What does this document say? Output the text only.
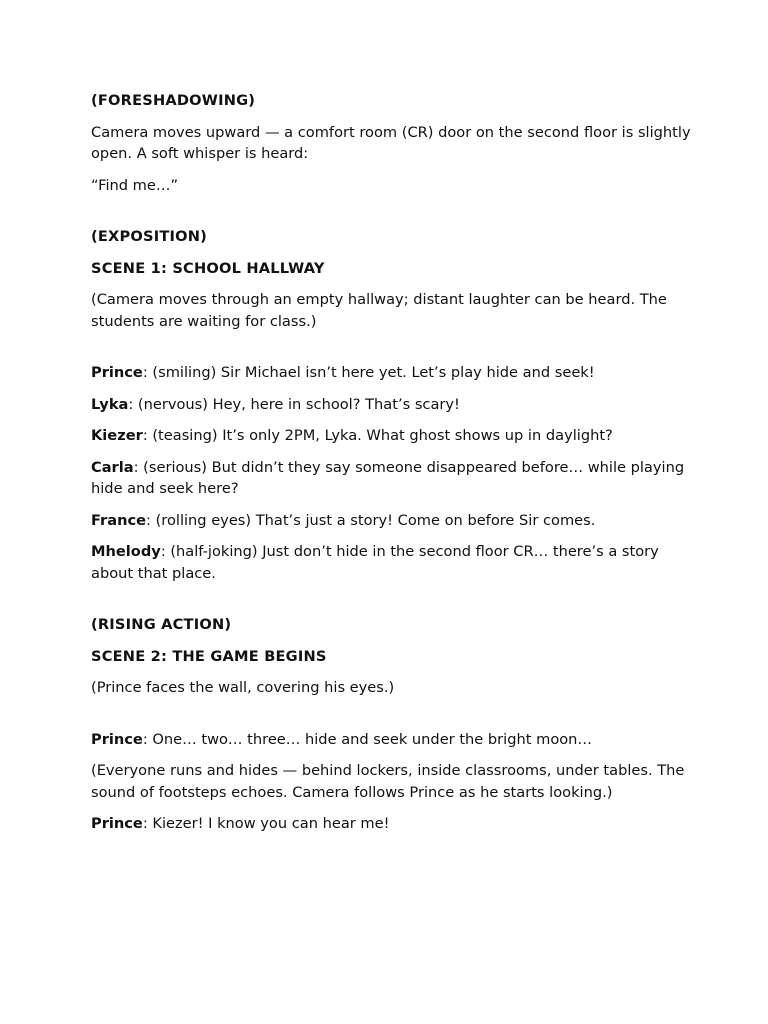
(FORESHADOWING)

Camera moves upward — a comfort room (CR) door on the second floor is slightly open. A soft whisper is heard:

“Find me…”

(EXPOSITION)

SCENE 1: SCHOOL HALLWAY

(Camera moves through an empty hallway; distant laughter can be heard. The students are waiting for class.)

Prince: (smiling) Sir Michael isn’t here yet. Let’s play hide and seek!

Lyka: (nervous) Hey, here in school? That’s scary!

Kiezer: (teasing) It’s only 2PM, Lyka. What ghost shows up in daylight?

Carla: (serious) But didn’t they say someone disappeared before… while playing hide and seek here?

France: (rolling eyes) That’s just a story! Come on before Sir comes.

Mhelody: (half-joking) Just don’t hide in the second floor CR… there’s a story about that place.

(RISING ACTION)

SCENE 2: THE GAME BEGINS

(Prince faces the wall, covering his eyes.)

Prince: One… two… three… hide and seek under the bright moon…

(Everyone runs and hides — behind lockers, inside classrooms, under tables. The sound of footsteps echoes. Camera follows Prince as he starts looking.)

Prince: Kiezer! I know you can hear me!
